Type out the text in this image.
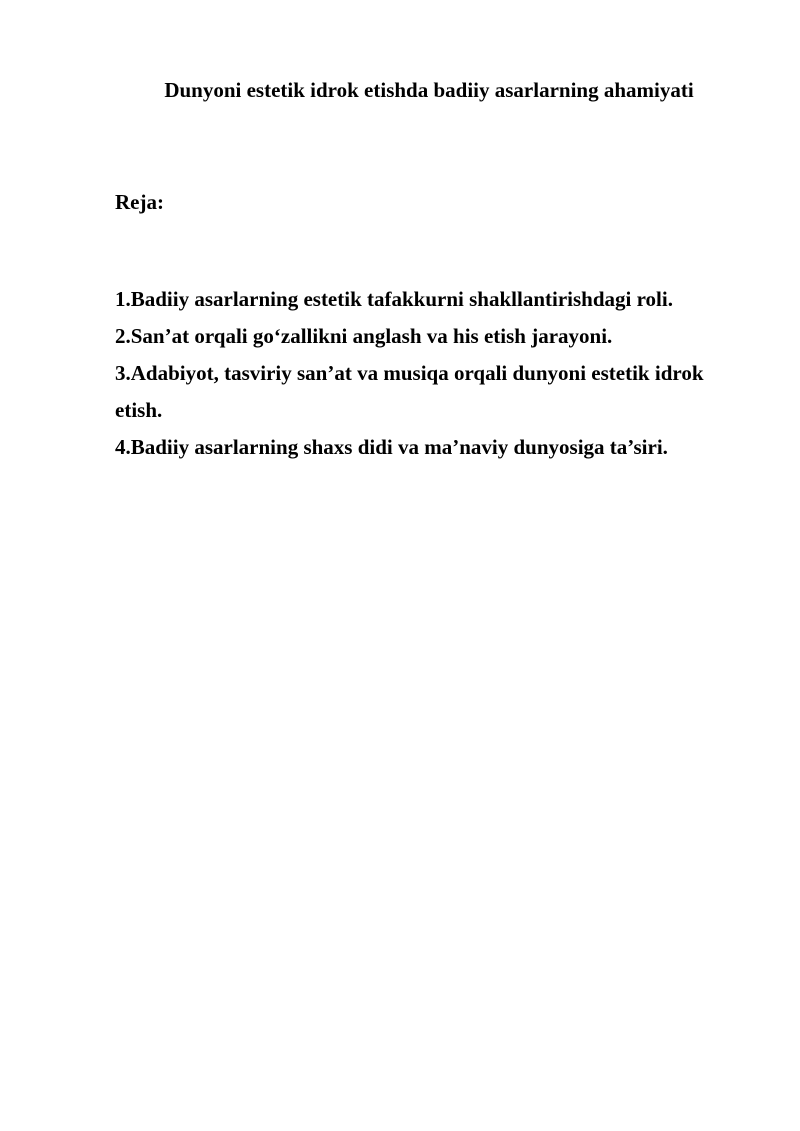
Dunyoni estetik idrok etishda badiiy asarlarning ahamiyati

Reja:

1.Badiiy asarlarning estetik tafakkurni shakllantirishdagi roli.
2.San’at orqali go‘zallikni anglash va his etish jarayoni.
3.Adabiyot, tasviriy san’at va musiqa orqali dunyoni estetik idrok etish.
4.Badiiy asarlarning shaxs didi va ma’naviy dunyosiga ta’siri.
